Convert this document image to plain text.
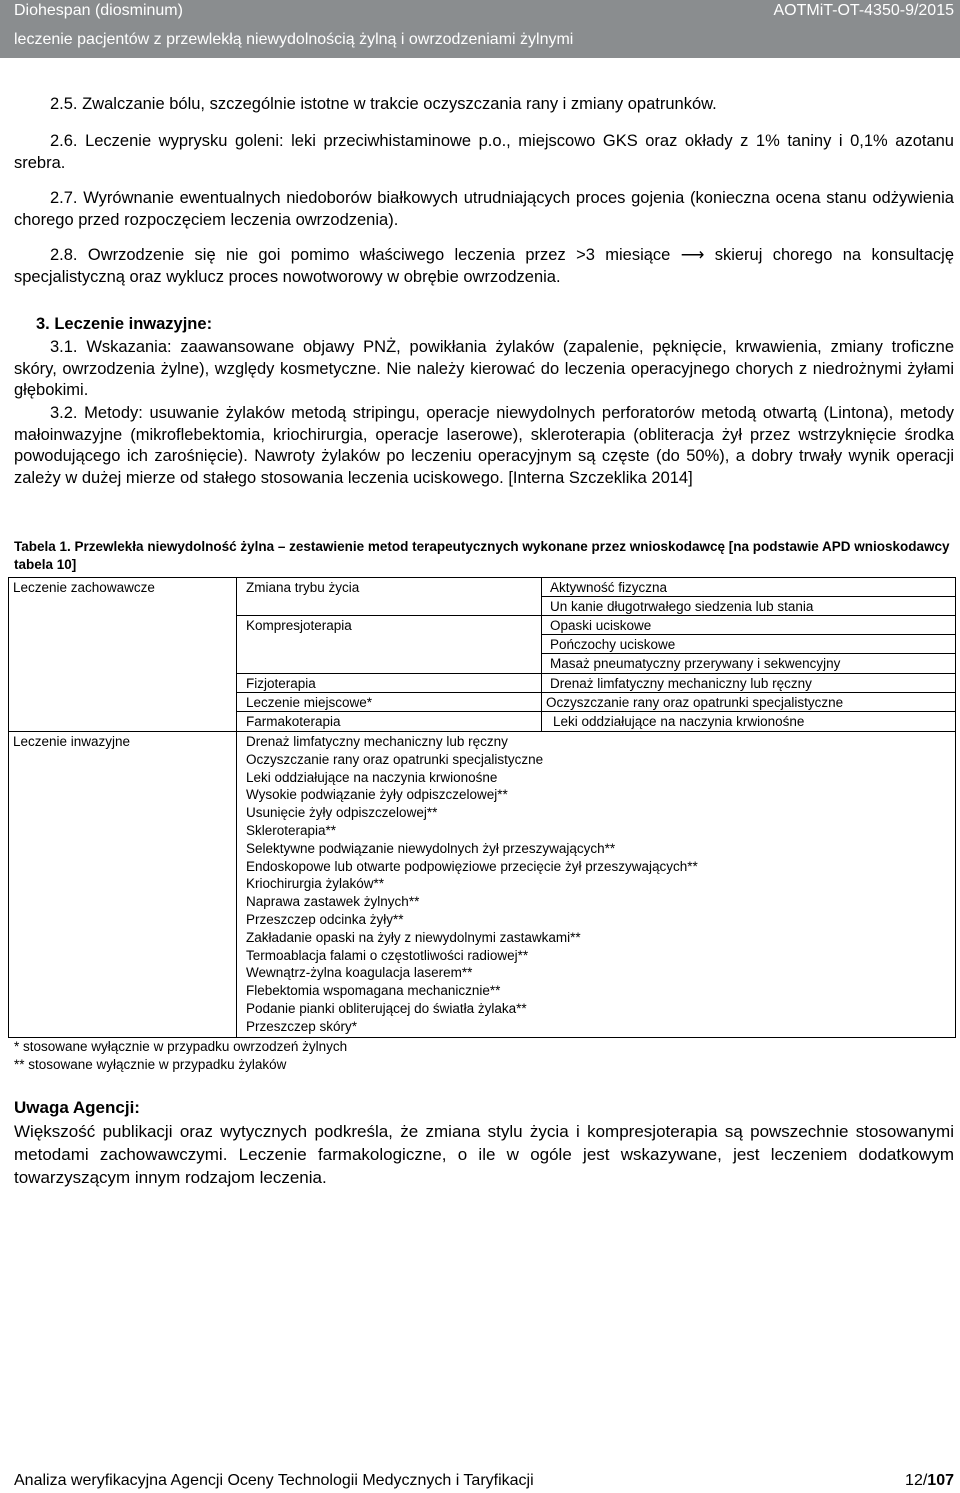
Diohespan (diosminum)	AOTMiT-OT-4350-9/2015
leczenie pacjentów z przewlekłą niewydolnością żylną i owrzodzeniami żylnymi
2.5. Zwalczanie bólu, szczególnie istotne w trakcie oczyszczania rany i zmiany opatrunków.
2.6. Leczenie wyprysku goleni: leki przeciwhistaminowe p.o., miejscowo GKS oraz okłady z 1% taniny i 0,1% azotanu srebra.
2.7. Wyrównanie ewentualnych niedoborów białkowych utrudniających proces gojenia (konieczna ocena stanu odżywienia chorego przed rozpoczęciem leczenia owrzodzenia).
2.8. Owrzodzenie się nie goi pomimo właściwego leczenia przez >3 miesiące ⟶ skieruj chorego na konsultację specjalistyczną oraz wyklucz proces nowotworowy w obrębie owrzodzenia.
3. Leczenie inwazyjne:
3.1. Wskazania: zaawansowane objawy PNŻ, powikłania żylaków (zapalenie, pęknięcie, krwawienia, zmiany troficzne skóry, owrzodzenia żylne), względy kosmetyczne. Nie należy kierować do leczenia operacyjnego chorych z niedrożnymi żyłami głębokimi.
3.2. Metody: usuwanie żylaków metodą stripingu, operacje niewydolnych perforatorów metodą otwartą (Lintona), metody małoinwazyjne (mikroflebektomia, kriochirurgia, operacje laserowe), skleroterapia (obliteracja żył przez wstrzyknięcie środka powodującego ich zarośnięcie). Nawroty żylaków po leczeniu operacyjnym są częste (do 50%), a dobry trwały wynik operacji zależy w dużej mierze od stałego stosowania leczenia uciskowego. [Interna Szczeklika 2014]
Tabela 1. Przewlekła niewydolność żylna – zestawienie metod terapeutycznych wykonane przez wnioskodawcę [na podstawie APD wnioskodawcy tabela 10]
Leczenie zachowawcze	Zmiana trybu życia	Aktywność fizyczna
Un kanie długotrwałego siedzenia lub stania
Kompresjoterapia	Opaski uciskowe
Pończochy uciskowe
Masaż pneumatyczny przerywany i sekwencyjny
Fizjoterapia	Drenaż limfatyczny mechaniczny lub ręczny
Leczenie miejscowe*	Oczyszczanie rany oraz opatrunki specjalistyczne
Farmakoterapia	Leki oddziałujące na naczynia krwionośne
Leczenie inwazyjne	Drenaż limfatyczny mechaniczny lub ręczny
Oczyszczanie rany oraz opatrunki specjalistyczne
Leki oddziałujące na naczynia krwionośne
Wysokie podwiązanie żyły odpiszczelowej**
Usunięcie żyły odpiszczelowej**
Skleroterapia**
Selektywne podwiązanie niewydolnych żył przeszywających**
Endoskopowe lub otwarte podpowięziowe przecięcie żył przeszywających**
Kriochirurgia żylaków**
Naprawa zastawek żylnych**
Przeszczep odcinka żyły**
Zakładanie opaski na żyły z niewydolnymi zastawkami**
Termoablacja falami o częstotliwości radiowej**
Wewnątrz-żylna koagulacja laserem**
Flebektomia wspomagana mechanicznie**
Podanie pianki obliterującej do światła żylaka**
Przeszczep skóry*
* stosowane wyłącznie w przypadku owrzodzeń żylnych
** stosowane wyłącznie w przypadku żylaków
Uwaga Agencji:
Większość publikacji oraz wytycznych podkreśla, że zmiana stylu życia i kompresjoterapia są powszechnie stosowanymi metodami zachowawczymi. Leczenie farmakologiczne, o ile w ogóle jest wskazywane, jest leczeniem dodatkowym towarzyszącym innym rodzajom leczenia.
Analiza weryfikacyjna Agencji Oceny Technologii Medycznych i Taryfikacji	12/107
